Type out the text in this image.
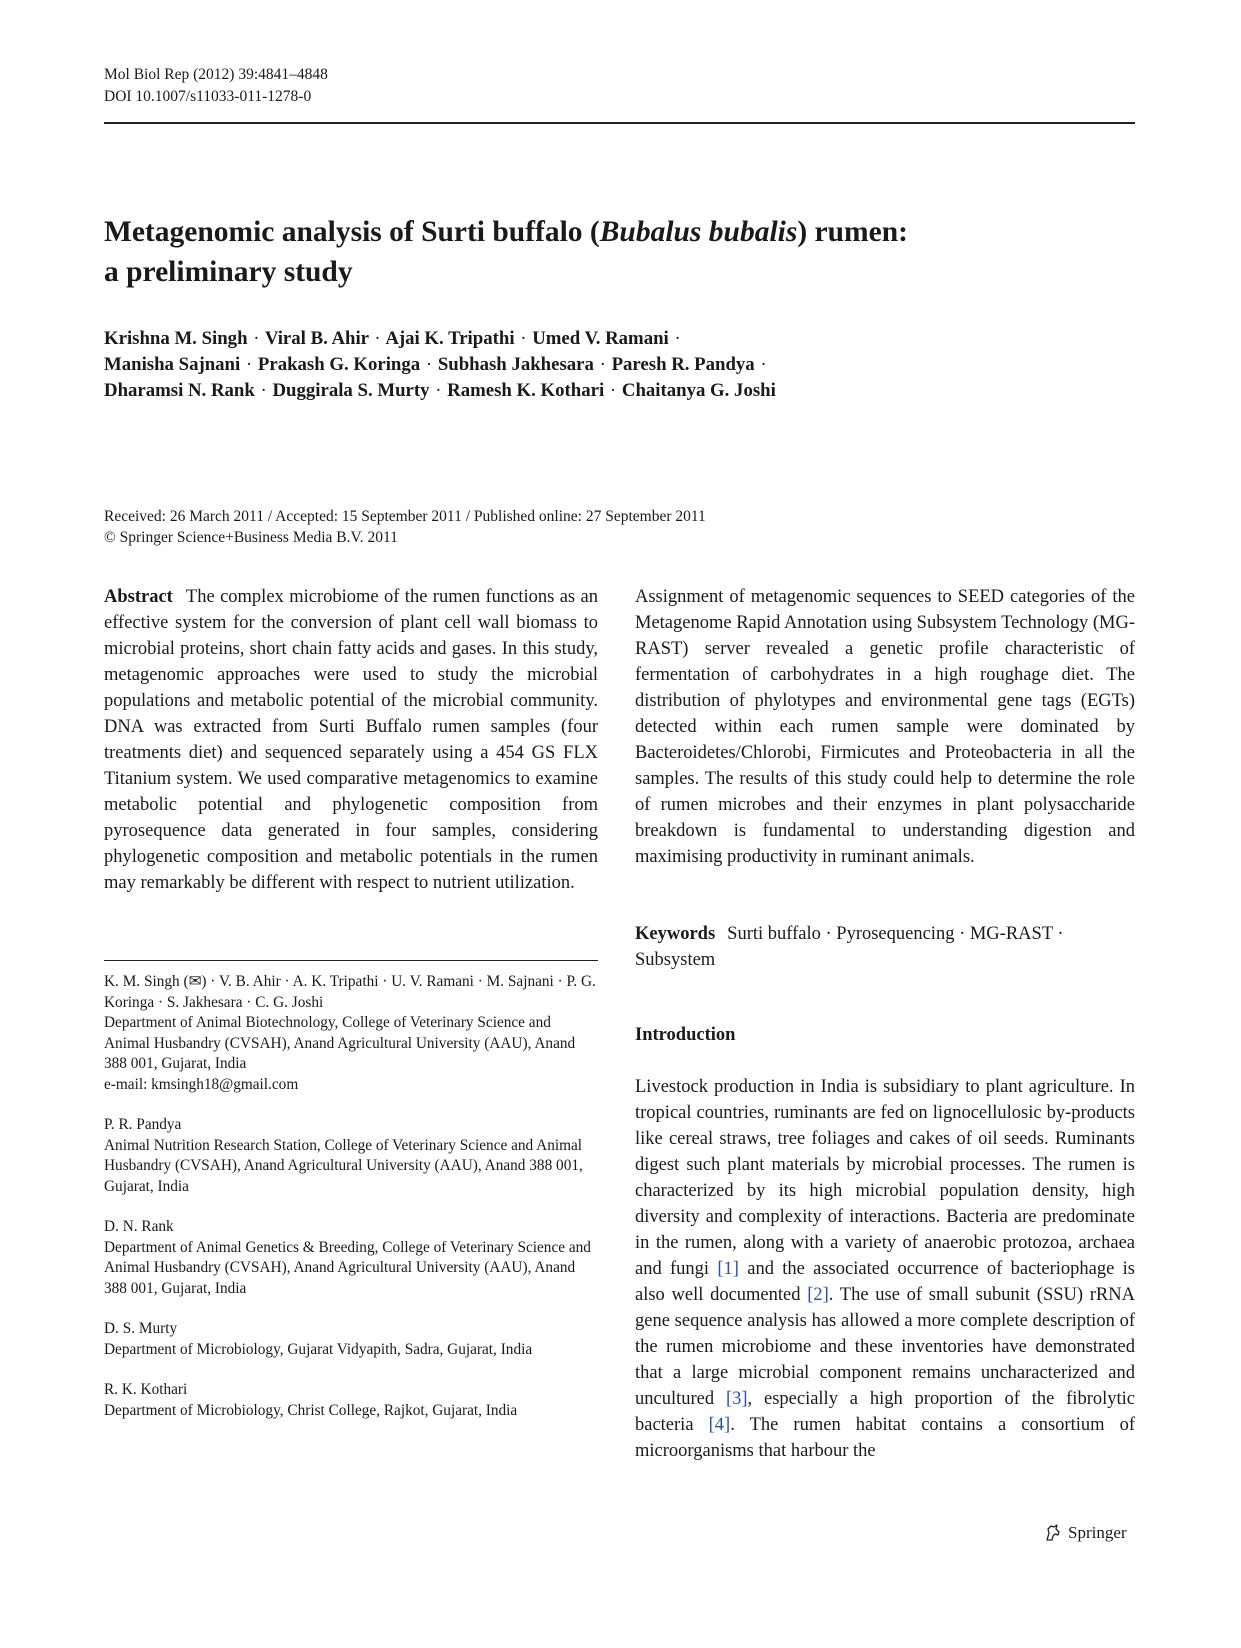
Mol Biol Rep (2012) 39:4841–4848
DOI 10.1007/s11033-011-1278-0
Metagenomic analysis of Surti buffalo (Bubalus bubalis) rumen:
a preliminary study

Krishna M. Singh · Viral B. Ahir · Ajai K. Tripathi · Umed V. Ramani ·
Manisha Sajnani · Prakash G. Koringa · Subhash Jakhesara · Paresh R. Pandya ·
Dharamsi N. Rank · Duggirala S. Murty · Ramesh K. Kothari · Chaitanya G. Joshi

Received: 26 March 2011 / Accepted: 15 September 2011 / Published online: 27 September 2011
© Springer Science+Business Media B.V. 2011

Abstract The complex microbiome of the rumen functions as an effective system for the conversion of plant cell wall biomass to microbial proteins, short chain fatty acids and gases. In this study, metagenomic approaches were used to study the microbial populations and metabolic potential of the microbial community. DNA was extracted from Surti Buffalo rumen samples (four treatments diet) and sequenced separately using a 454 GS FLX Titanium system. We used comparative metagenomics to examine metabolic potential and phylogenetic composition from pyrosequence data generated in four samples, considering phylogenetic composition and metabolic potentials in the rumen may remarkably be different with respect to nutrient utilization.

K. M. Singh (✉) · V. B. Ahir · A. K. Tripathi · U. V. Ramani · M. Sajnani · P. G. Koringa · S. Jakhesara · C. G. Joshi
Department of Animal Biotechnology, College of Veterinary Science and Animal Husbandry (CVSAH), Anand Agricultural University (AAU), Anand 388 001, Gujarat, India
e-mail: kmsingh18@gmail.com
P. R. Pandya
Animal Nutrition Research Station, College of Veterinary Science and Animal Husbandry (CVSAH), Anand Agricultural University (AAU), Anand 388 001, Gujarat, India
D. N. Rank
Department of Animal Genetics & Breeding, College of Veterinary Science and Animal Husbandry (CVSAH), Anand Agricultural University (AAU), Anand 388 001, Gujarat, India
D. S. Murty
Department of Microbiology, Gujarat Vidyapith, Sadra, Gujarat, India
R. K. Kothari
Department of Microbiology, Christ College, Rajkot, Gujarat, India

Assignment of metagenomic sequences to SEED categories of the Metagenome Rapid Annotation using Subsystem Technology (MG-RAST) server revealed a genetic profile characteristic of fermentation of carbohydrates in a high roughage diet. The distribution of phylotypes and environmental gene tags (EGTs) detected within each rumen sample were dominated by Bacteroidetes/Chlorobi, Firmicutes and Proteobacteria in all the samples. The results of this study could help to determine the role of rumen microbes and their enzymes in plant polysaccharide breakdown is fundamental to understanding digestion and maximising productivity in ruminant animals.

Keywords Surti buffalo · Pyrosequencing · MG-RAST · Subsystem

Introduction

Livestock production in India is subsidiary to plant agriculture. In tropical countries, ruminants are fed on lignocellulosic by-products like cereal straws, tree foliages and cakes of oil seeds. Ruminants digest such plant materials by microbial processes. The rumen is characterized by its high microbial population density, high diversity and complexity of interactions. Bacteria are predominate in the rumen, along with a variety of anaerobic protozoa, archaea and fungi [1] and the associated occurrence of bacteriophage is also well documented [2]. The use of small subunit (SSU) rRNA gene sequence analysis has allowed a more complete description of the rumen microbiome and these inventories have demonstrated that a large microbial component remains uncharacterized and uncultured [3], especially a high proportion of the fibrolytic bacteria [4]. The rumen habitat contains a consortium of microorganisms that harbour the

Springer
